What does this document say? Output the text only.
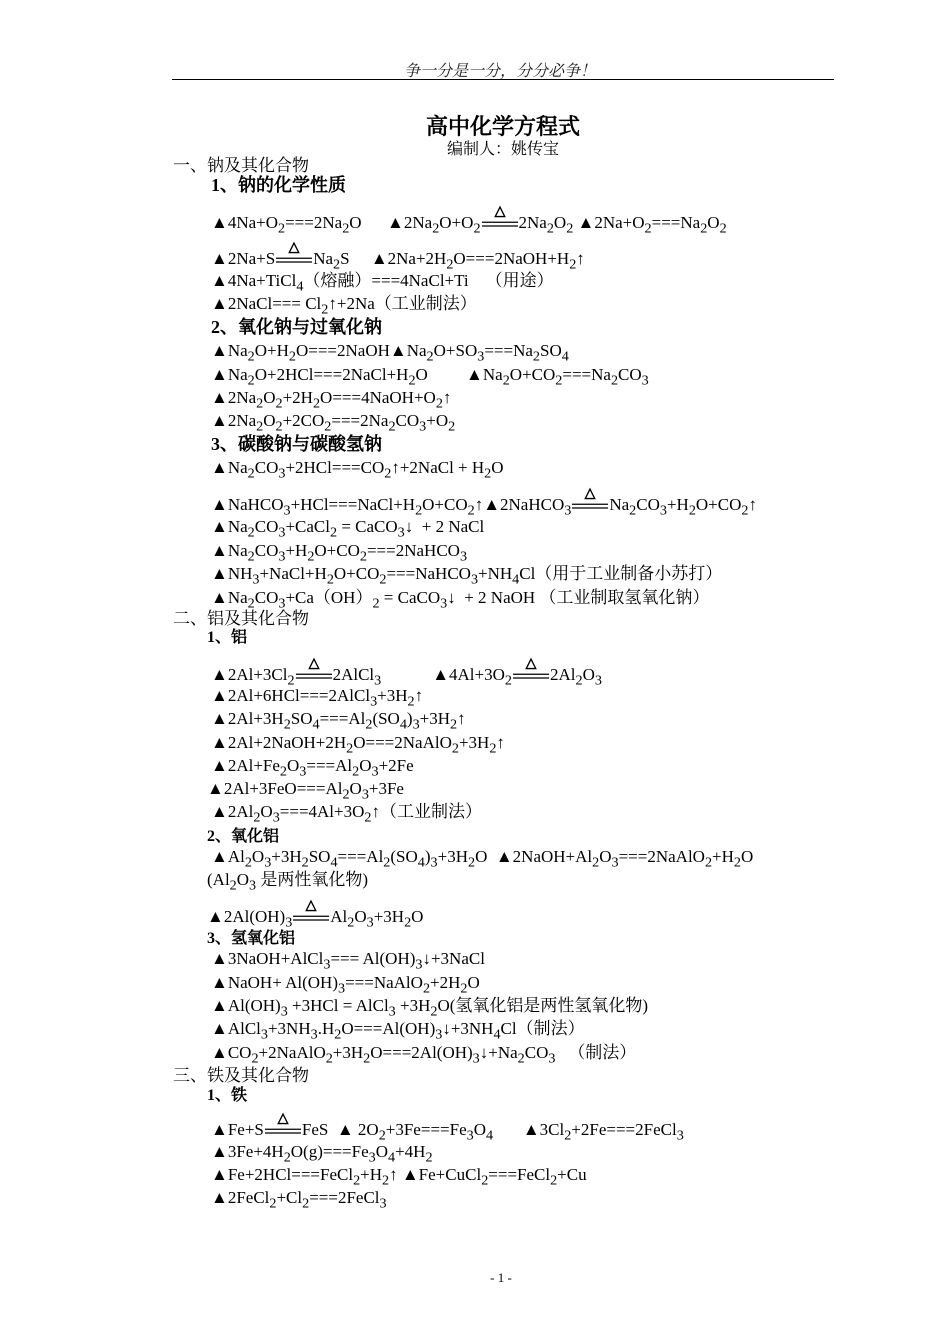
争一分是一分，分分必争！
高中化学方程式
编制人：姚传宝
一、钠及其化合物
1、钠的化学性质
$▲4Na+O_2===2Na_2O$      $▲2Na_2O+O_2$ $2Na_2O_2$ $▲2Na+O_2===Na_2O_2$
▲2Na+S $Na_2S$     $▲2Na+2H_2O===2NaOH+H_2↑$
▲4Na+TiCl$_4$（熔融）===4NaCl+Ti    （用途）
▲2NaCl=== $Cl_2↑+2Na$（工业制法）
2、氧化钠与过氧化钠
$▲Na_2O+H_2O===2NaOH▲Na_2O+SO_3===Na_2SO_4$
$▲Na_2O+2HCl===2NaCl+H_2O$         $▲Na_2O+CO_2===Na_2CO_3$
$▲2Na_2O_2+2H_2O===4NaOH+O_2↑$
$▲2Na_2O_2+2CO_2===2Na_2CO_3+O_2$
3、碳酸钠与碳酸氢钠
$▲Na_2CO_3+2HCl===CO_2↑+2NaCl + H_2O$
$▲NaHCO_3+HCl===NaCl+H_2O+CO_2↑▲2NaHCO_3$ $Na_2CO_3+H_2O+CO_2↑$
$▲Na_2CO_3+CaCl_2$ = CaCO$_3$↓  + 2 NaCl
$▲Na_2CO_3+H_2O+CO_2===2NaHCO_3$
$▲NH_3+NaCl+H_2O+CO_2===NaHCO_3+NH_4Cl$（用于工业制备小苏打）
$▲Na_2CO_3+Ca(OH)_2$ = CaCO$_3$↓  + 2 NaOH （工业制取氢氧化钠）
二、铝及其化合物
1、铝
$▲2Al+3Cl_2$ 2AlCl$_3$            $▲4Al+3O_2$ $2Al_2O_3$
$▲2Al+6HCl===2AlCl_3+3H_2↑$
$▲2Al+3H_2SO_4===Al_2(SO_4)_3+3H_2↑$
$▲2Al+2NaOH+2H_2O===2NaAlO_2+3H_2↑$
$▲2Al+Fe_2O_3===Al_2O_3+2Fe$
$▲2Al+3FeO===Al_2O_3+3Fe$
$▲2Al_2O_3===4Al+3O_2↑$（工业制法）
2、氧化铝
$▲Al_2O_3+3H_2SO_4===Al_2(SO_4)_3+3H_2O$  $▲2NaOH+Al_2O_3===2NaAlO_2+H_2O$
($Al_2O_3$ 是两性氧化物)
$▲2Al(OH)_3$ $Al_2O_3+3H_2O$
3、氢氧化铝
▲3NaOH+AlCl$_3$=== $Al(OH)_3↓+3NaCl$
▲NaOH+ $Al(OH)_3===NaAlO_2+2H_2O$
$▲Al(OH)_3 +3HCl$ = AlCl$_3$ $+3H_2O$(氢氧化铝是两性氢氧化物)
$▲AlCl_3+3NH_3.H_2O===Al(OH)_3↓+3NH_4Cl$（制法）
$▲CO_2+2NaAlO_2+3H_2O===2Al(OH)_3↓+Na_2CO_3$   （制法）
三、铁及其化合物
1、铁
▲Fe+S FeS  ▲ $2O_2+3Fe===Fe_3O_4$       $▲3Cl_2+2Fe===2FeCl_3$
$▲3Fe+4H_2O(g)===Fe_3O_4+4H_2$
$▲Fe+2HCl===FeCl_2+H_2↑$ ▲Fe+CuCl$_2$===FeCl$_2$+Cu
$▲2FeCl_2+Cl_2===2FeCl_3$
- 1 -
